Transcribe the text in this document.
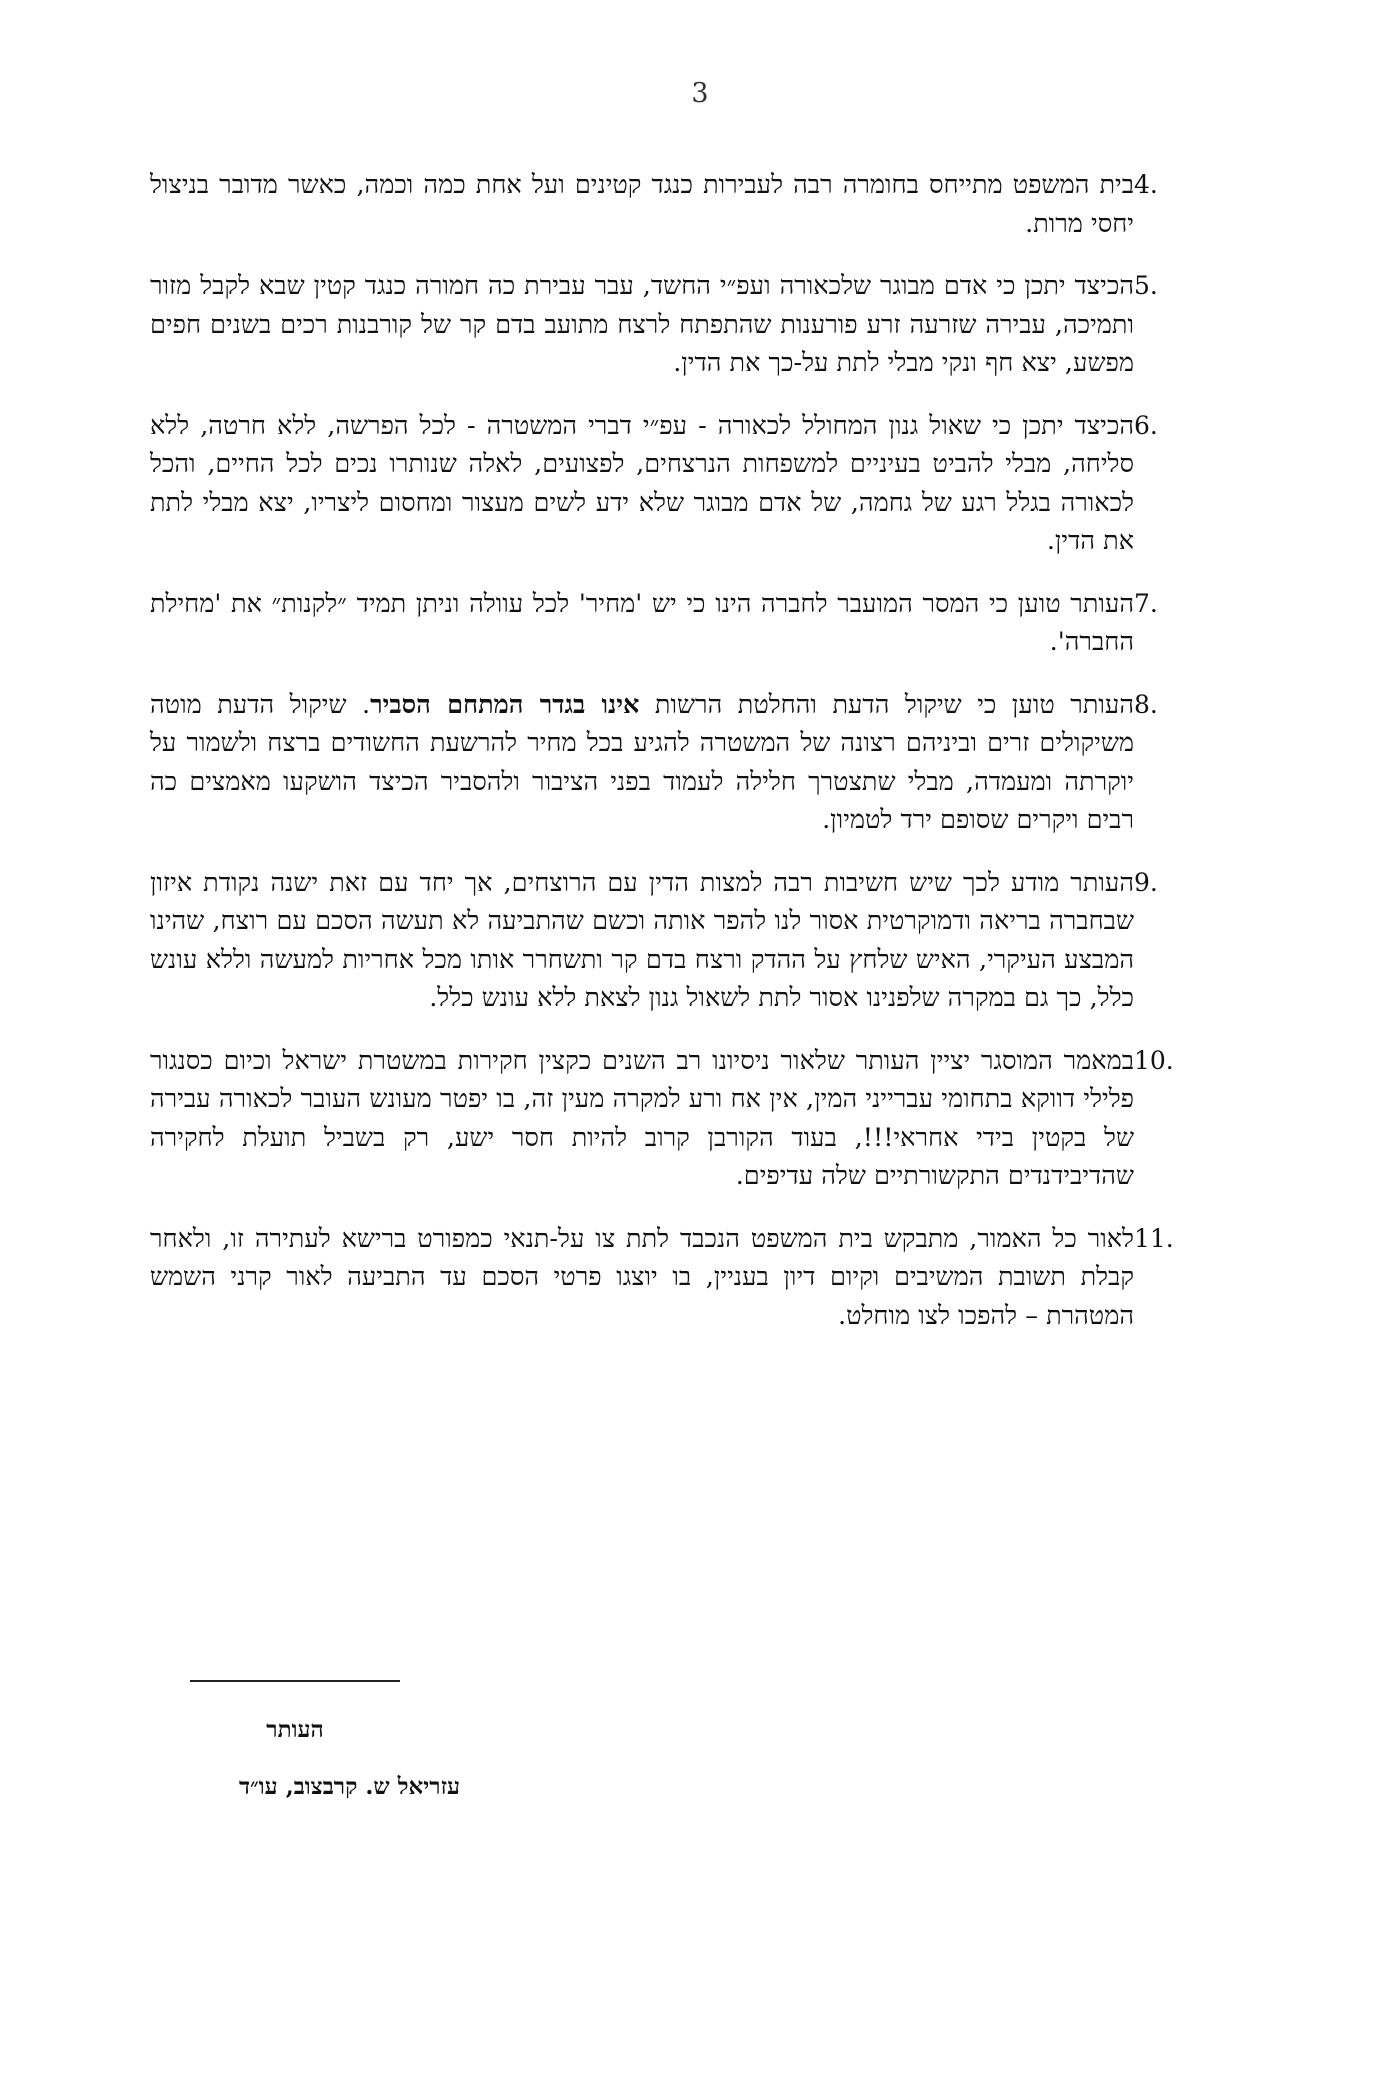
3
4.
בית המשפט מתייחס בחומרה רבה לעבירות כנגד קטינים ועל אחת כמה וכמה, כאשר מדובר בניצול יחסי מרות.
5.
הכיצד יתכן כי אדם מבוגר שלכאורה ועפ״י החשד, עבר עבירת כה חמורה כנגד קטין שבא לקבל מזור ותמיכה, עבירה שזרעה זרע פורענות שהתפתח לרצח מתועב בדם קר של קורבנות רכים בשנים חפים מפשע, יצא חף ונקי מבלי לתת על-כך את הדין.
6.
הכיצד יתכן כי שאול גנון המחולל לכאורה - עפ״י דברי המשטרה - לכל הפרשה, ללא חרטה, ללא סליחה, מבלי להביט בעיניים למשפחות הנרצחים, לפצועים, לאלה שנותרו נכים לכל החיים, והכל לכאורה בגלל רגע של גחמה, של אדם מבוגר שלא ידע לשים מעצור ומחסום ליצריו, יצא מבלי לתת את הדין.
7.
העותר טוען כי המסר המועבר לחברה הינו כי יש 'מחיר' לכל עוולה וניתן תמיד ״לקנות״ את 'מחילת החברה'.
8.
העותר טוען כי שיקול הדעת והחלטת הרשות אינו בגדר המתחם הסביר. שיקול הדעת מוטה משיקולים זרים וביניהם רצונה של המשטרה להגיע בכל מחיר להרשעת החשודים ברצח ולשמור על יוקרתה ומעמדה, מבלי שתצטרך חלילה לעמוד בפני הציבור ולהסביר הכיצד הושקעו מאמצים כה רבים ויקרים שסופם ירד לטמיון.
9.
העותר מודע לכך שיש חשיבות רבה למצות הדין עם הרוצחים, אך יחד עם זאת ישנה נקודת איזון שבחברה בריאה ודמוקרטית אסור לנו להפר אותה וכשם שהתביעה לא תעשה הסכם עם רוצח, שהינו המבצע העיקרי, האיש שלחץ על ההדק ורצח בדם קר ותשחרר אותו מכל אחריות למעשה וללא עונש כלל, כך גם במקרה שלפנינו אסור לתת לשאול גנון לצאת ללא עונש כלל.
10.
במאמר המוסגר יציין העותר שלאור ניסיונו רב השנים כקצין חקירות במשטרת ישראל וכיום כסנגור פלילי דווקא בתחומי עברייני המין, אין אח ורע למקרה מעין זה, בו יפטר מעונש העובר לכאורה עבירה של בקטין בידי אחראי!!!, בעוד הקורבן קרוב להיות חסר ישע, רק בשביל תועלת לחקירה שהדיבידנדים התקשורתיים שלה עדיפים.
11.
לאור כל האמור, מתבקש בית המשפט הנכבד לתת צו על-תנאי כמפורט ברישא לעתירה זו, ולאחר קבלת תשובת המשיבים וקיום דיון בעניין, בו יוצגו פרטי הסכם עד התביעה לאור קרני השמש המטהרת – להפכו לצו מוחלט.
העותר
עזריאל ש. קרבצוב, עו״ד
